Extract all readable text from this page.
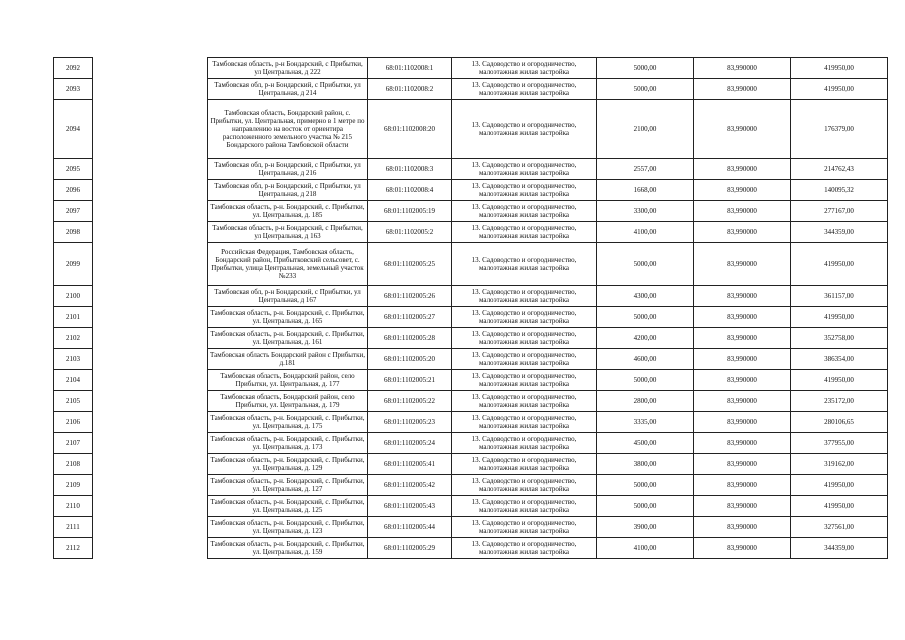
2092		Тамбовская область, р-н Бондарский, с Прибытки, ул Центральная, д 222	68:01:1102008:1	13. Садоводство и огородничество, малоэтажная жилая застройка	5000,00	83,990000	419950,00
2093		Тамбовская обл, р-н Бондарский, с Прибытки, ул Центральная, д 214	68:01:1102008:2	13. Садоводство и огородничество, малоэтажная жилая застройка	5000,00	83,990000	419950,00
2094		Тамбовская область, Бондарский район, с. Прибытки, ул. Центральная, примерно в 1 метре по направлению на восток от ориентира расположенного земельного участка № 215 Бондарского района Тамбовской области	68:01:1102008:20	13. Садоводство и огородничество, малоэтажная жилая застройка	2100,00	83,990000	176379,00
2095		Тамбовская обл, р-н Бондарский, с Прибытки, ул Центральная, д 216	68:01:1102008:3	13. Садоводство и огородничество, малоэтажная жилая застройка	2557,00	83,990000	214762,43
2096		Тамбовская обл, р-н Бондарский, с Прибытки, ул Центральная, д 218	68:01:1102008:4	13. Садоводство и огородничество, малоэтажная жилая застройка	1668,00	83,990000	140095,32
2097		Тамбовская область, р-н. Бондарский, с. Прибытки, ул. Центральная, д. 185	68:01:1102005:19	13. Садоводство и огородничество, малоэтажная жилая застройка	3300,00	83,990000	277167,00
2098		Тамбовская область, р-н Бондарский, с Прибытки, ул Центральная, д 163	68:01:1102005:2	13. Садоводство и огородничество, малоэтажная жилая застройка	4100,00	83,990000	344359,00
2099		Российская Федерация, Тамбовская область, Бондарский район, Прибытковский сельсовет, с. Прибытки, улица Центральная, земельный участок №233	68:01:1102005:25	13. Садоводство и огородничество, малоэтажная жилая застройка	5000,00	83,990000	419950,00
2100		Тамбовская обл, р-н Бондарский, с Прибытки, ул Центральная, д 167	68:01:1102005:26	13. Садоводство и огородничество, малоэтажная жилая застройка	4300,00	83,990000	361157,00
2101		Тамбовская область, р-н. Бондарский, с. Прибытки, ул. Центральная, д. 165	68:01:1102005:27	13. Садоводство и огородничество, малоэтажная жилая застройка	5000,00	83,990000	419950,00
2102		Тамбовская область, р-н. Бондарский, с. Прибытки, ул. Центральная, д. 161	68:01:1102005:28	13. Садоводство и огородничество, малоэтажная жилая застройка	4200,00	83,990000	352758,00
2103		Тамбовская область Бондарский район с Прибытки, д.181	68:01:1102005:20	13. Садоводство и огородничество, малоэтажная жилая застройка	4600,00	83,990000	386354,00
2104		Тамбовская область, Бондарский район, село Прибытки, ул. Центральная, д. 177	68:01:1102005:21	13. Садоводство и огородничество, малоэтажная жилая застройка	5000,00	83,990000	419950,00
2105		Тамбовская область, Бондарский район, село Прибытки, ул. Центральная, д. 179	68:01:1102005:22	13. Садоводство и огородничество, малоэтажная жилая застройка	2800,00	83,990000	235172,00
2106		Тамбовская область, р-н. Бондарский, с. Прибытки, ул. Центральная, д. 175	68:01:1102005:23	13. Садоводство и огородничество, малоэтажная жилая застройка	3335,00	83,990000	280106,65
2107		Тамбовская область, р-н. Бондарский, с. Прибытки, ул. Центральная, д. 173	68:01:1102005:24	13. Садоводство и огородничество, малоэтажная жилая застройка	4500,00	83,990000	377955,00
2108		Тамбовская область, р-н. Бондарский, с. Прибытки, ул. Центральная, д. 129	68:01:1102005:41	13. Садоводство и огородничество, малоэтажная жилая застройка	3800,00	83,990000	319162,00
2109		Тамбовская область, р-н. Бондарский, с. Прибытки, ул. Центральная, д. 127	68:01:1102005:42	13. Садоводство и огородничество, малоэтажная жилая застройка	5000,00	83,990000	419950,00
2110		Тамбовская область, р-н. Бондарский, с. Прибытки, ул. Центральная, д. 125	68:01:1102005:43	13. Садоводство и огородничество, малоэтажная жилая застройка	5000,00	83,990000	419950,00
2111		Тамбовская область, р-н. Бондарский, с. Прибытки, ул. Центральная, д. 123	68:01:1102005:44	13. Садоводство и огородничество, малоэтажная жилая застройка	3900,00	83,990000	327561,00
2112		Тамбовская область, р-н. Бондарский, с. Прибытки, ул. Центральная, д. 159	68:01:1102005:29	13. Садоводство и огородничество, малоэтажная жилая застройка	4100,00	83,990000	344359,00
